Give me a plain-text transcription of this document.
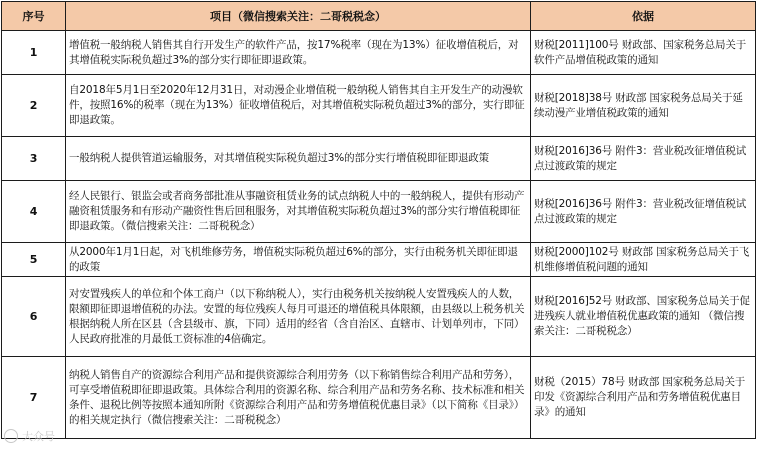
序号	项目（微信搜索关注：二哥税税念）	依据
1	增值税一般纳税人销售其自行开发生产的软件产品，按17%税率（现在为13%）征收增值税后，对其增值税实际税负超过3%的部分实行即征即退政策。	财税[2011]100号 财政部、国家税务总局关于软件产品增值税政策的通知
2	自2018年5月1日至2020年12月31日，对动漫企业增值税一般纳税人销售其自主开发生产的动漫软件，按照16%的税率（现在为13%）征收增值税后，对其增值税实际税负超过3%的部分，实行即征即退政策。	财税[2018]38号 财政部 国家税务总局关于延续动漫产业增值税政策的通知
3	一般纳税人提供管道运输服务，对其增值税实际税负超过3%的部分实行增值税即征即退政策	财税[2016]36号 附件3：营业税改征增值税试点过渡政策的规定
4	经人民银行、银监会或者商务部批准从事融资租赁业务的试点纳税人中的一般纳税人，提供有形动产融资租赁服务和有形动产融资性售后回租服务，对其增值税实际税负超过3%的部分实行增值税即征即退政策。（微信搜索关注：二哥税税念）	财税[2016]36号 附件3：营业税改征增值税试点过渡政策的规定
5	从2000年1月1日起，对飞机维修劳务，增值税实际税负超过6%的部分，实行由税务机关即征即退的政策	财税[2000]102号 财政部 国家税务总局关于飞机维修增值税问题的通知
6	对安置残疾人的单位和个体工商户（以下称纳税人），实行由税务机关按纳税人安置残疾人的人数，限额即征即退增值税的办法。安置的每位残疾人每月可退还的增值税具体限额，由县级以上税务机关根据纳税人所在区县（含县级市、旗，下同）适用的经省（含自治区、直辖市、计划单列市，下同）人民政府批准的月最低工资标准的4倍确定。	财税[2016]52号 财政部、国家税务总局关于促进残疾人就业增值税优惠政策的通知 （微信搜索关注：二哥税税念）
7	纳税人销售自产的资源综合利用产品和提供资源综合利用劳务（以下称销售综合利用产品和劳务），可享受增值税即征即退政策。具体综合利用的资源名称、综合利用产品和劳务名称、技术标准和相关条件、退税比例等按照本通知所附《资源综合利用产品和劳务增值税优惠目录》（以下简称《目录》）的相关规定执行（微信搜索关注：二哥税税念）	财税（2015）78号 财政部 国家税务总局关于印发《资源综合利用产品和劳务增值税优惠目录》的通知
大众号
